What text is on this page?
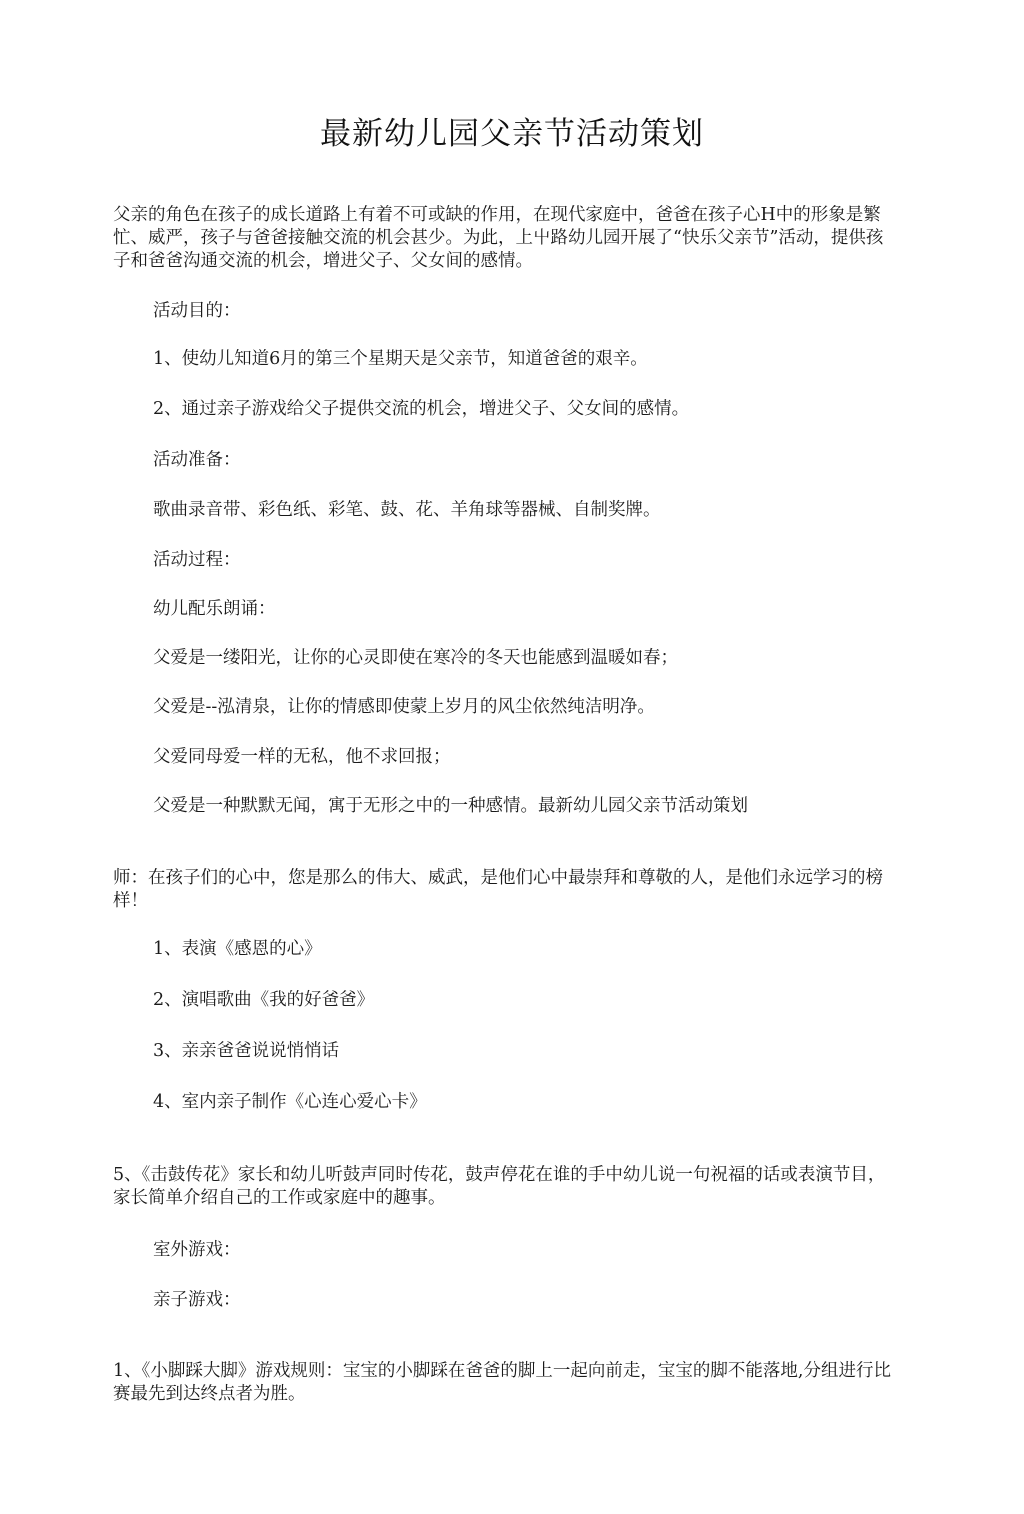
最新幼儿园父亲节活动策划
父亲的角色在孩子的成长道路上有着不可或缺的作用，在现代家庭中，爸爸在孩子心H中的形象是繁忙、威严，孩子与爸爸接触交流的机会甚少。为此，上屮路幼儿园开展了“快乐父亲节”活动，提供孩子和爸爸沟通交流的机会，增进父子、父女间的感情。
活动目的：
1、使幼儿知道6月的第三个星期天是父亲节，知道爸爸的艰辛。
2、通过亲子游戏给父子提供交流的机会，增进父子、父女间的感情。
活动准备：
歌曲录音带、彩色纸、彩笔、鼓、花、羊角球等器械、自制奖牌。
活动过程：
幼儿配乐朗诵：
父爱是一缕阳光，让你的心灵即使在寒冷的冬天也能感到温暖如春；
父爱是--泓清泉，让你的情感即使蒙上岁月的风尘依然纯洁明净。
父爱同母爱一样的无私，他不求回报；
父爱是一种默默无闻，寓于无形之中的一种感情。最新幼儿园父亲节活动策划
师：在孩子们的心中，您是那么的伟大、威武，是他们心中最崇拜和尊敬的人，是他们永远学习的榜样！
1、表演《感恩的心》
2、演唱歌曲《我的好爸爸》
3、亲亲爸爸说说悄悄话
4、室内亲子制作《心连心爱心卡》
5、《击鼓传花》家长和幼儿听鼓声同时传花，鼓声停花在谁的手中幼儿说一句祝福的话或表演节目，家长简单介绍自己的工作或家庭中的趣事。
室外游戏：
亲子游戏：
1、《小脚踩大脚》游戏规则：宝宝的小脚踩在爸爸的脚上一起向前走，宝宝的脚不能落地,分组进行比赛最先到达终点者为胜。
